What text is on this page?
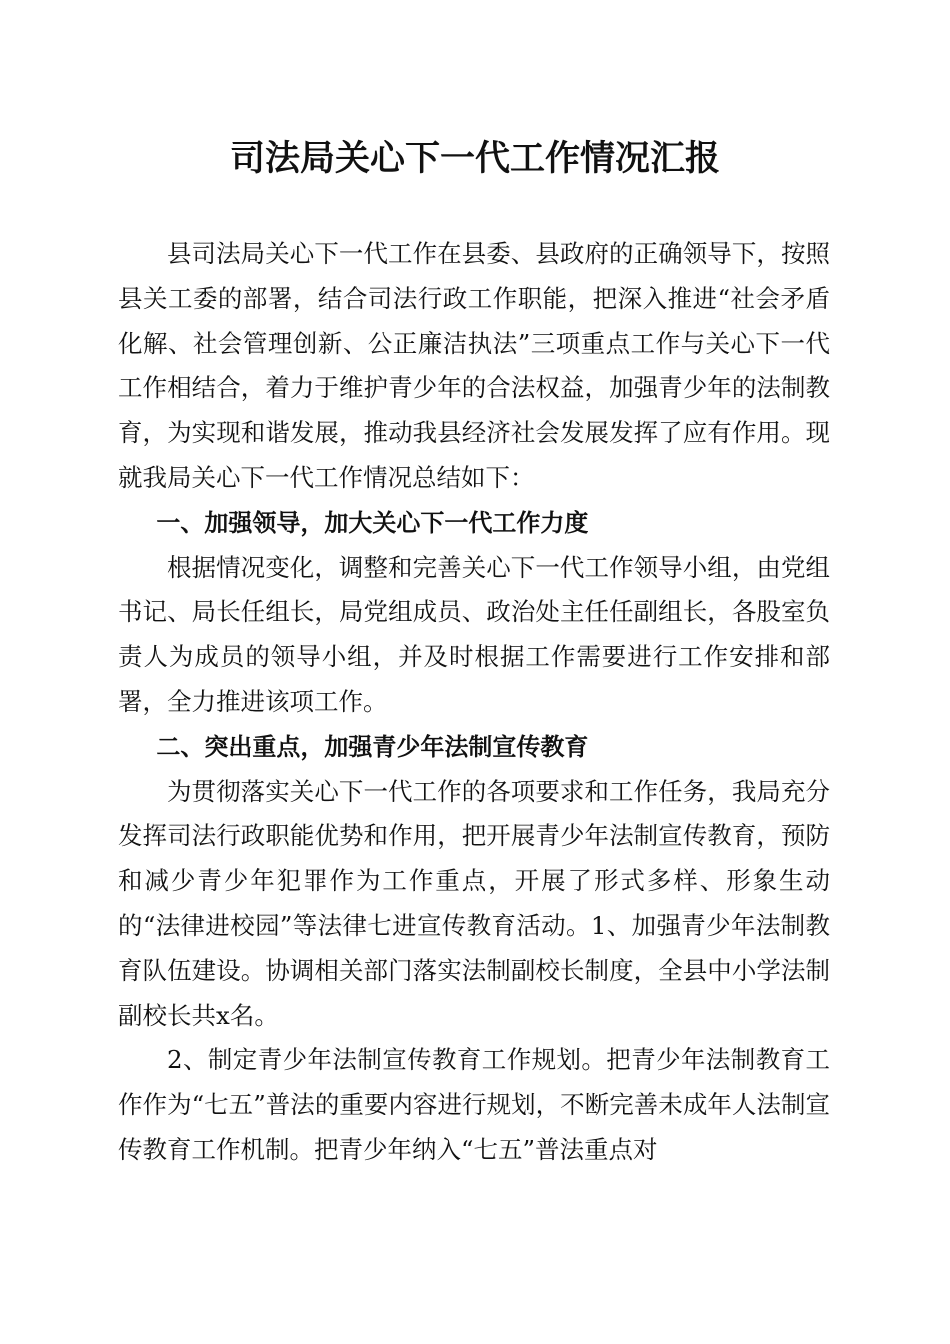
司法局关心下一代工作情况汇报

县司法局关心下一代工作在县委、县政府的正确领导下，按照县关工委的部署，结合司法行政工作职能，把深入推进“社会矛盾化解、社会管理创新、公正廉洁执法”三项重点工作与关心下一代工作相结合，着力于维护青少年的合法权益，加强青少年的法制教育，为实现和谐发展，推动我县经济社会发展发挥了应有作用。现就我局关心下一代工作情况总结如下：

一、加强领导，加大关心下一代工作力度

根据情况变化，调整和完善关心下一代工作领导小组，由党组书记、局长任组长，局党组成员、政治处主任任副组长，各股室负责人为成员的领导小组，并及时根据工作需要进行工作安排和部署，全力推进该项工作。

二、突出重点，加强青少年法制宣传教育

为贯彻落实关心下一代工作的各项要求和工作任务，我局充分发挥司法行政职能优势和作用，把开展青少年法制宣传教育，预防和减少青少年犯罪作为工作重点，开展了形式多样、形象生动的“法律进校园”等法律七进宣传教育活动。1、加强青少年法制教育队伍建设。协调相关部门落实法制副校长制度，全县中小学法制副校长共x名。

2、制定青少年法制宣传教育工作规划。把青少年法制教育工作作为“七五”普法的重要内容进行规划，不断完善未成年人法制宣传教育工作机制。把青少年纳入“七五”普法重点对
